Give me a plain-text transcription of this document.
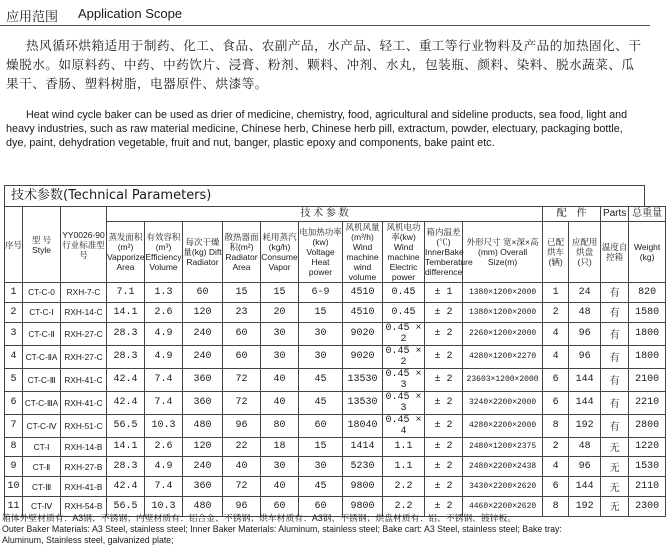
应用范围 Application Scope
热风循环烘箱适用于制药、化工、食品、农副产品，水产品、轻工、重工等行业物料及产品的加热固化、干燥脱水。如原料药、中药、中药饮片、浸膏、粉剂、颗料、冲剂、水丸，包装瓶、颜料、染料、脱水蔬菜、瓜果干、香肠、塑料树脂，电器原件、烘漆等。
Heat wind cycle baker can be used as drier of medicine, chemistry, food, agricultural and sideline products, sea food, light and heavy industries, such as raw material medicine, Chinese herb, Chinese herb pill, extractum, powder, electuary, packaging bottle, dye, paint, dehydration vegetable, fruit and nut, banger, plastic epoxy and components, bake paint etc.
技术参数(Technical Parameters)
序号	型 号 Style	YY0026-90行业标准型号	技 术 参 数										配　件		Parts	总重量
			蒸发面积(m²) Vapporize Area	有效容积(m³) Efficiency Volume	每次干燥量(kg) Dift Radiator	散热器面积(m²) Radiator Area	耗用蒸汽(kg/h) Consume Vapor	电加热功率(kw) Voltage Heat power	风机风量(m³/h) Wind machine wind volume	风机电功率(kw) Wind machine Electric power	箱内温差(℃) InnerBake Temberature difference	外形尺寸 宽×深×高(mm) Overall Size(m)	已配烘车(辆)	应配用烘盘(只)	温度自控箱	Weight (kg)
1	CT-C-0	RXH-7-C	7.1	1.3	60	15	15	6-9	4510	0.45	± 1	1380×1200×2000	1	24	有	820
2	CT-C-Ⅰ	RXH-14-C	14.1	2.6	120	23	20	15	4510	0.45	± 2	1380×1200×2000	2	48	有	1580
3	CT-C-Ⅱ	RXH-27-C	28.3	4.9	240	60	30	30	9020	0.45 × 2	± 2	2260×1200×2000	4	96	有	1800
4	CT-C-ⅡA	RXH-27-C	28.3	4.9	240	60	30	30	9020	0.45 × 2	± 2	4280×1200×2270	4	96	有	1800
5	CT-C-Ⅲ	RXH-41-C	42.4	7.4	360	72	40	45	13530	0.45 × 3	± 2	23603×1200×2000	6	144	有	2100
6	CT-C-ⅢA	RXH-41-C	42.4	7.4	360	72	40	45	13530	0.45 × 3	± 2	3240×2200×2000	6	144	有	2210
7	CT-C-Ⅳ	RXH-51-C	56.5	10.3	480	96	80	60	18040	0.45 × 4	± 2	4280×2200×2000	8	192	有	2800
8	CT-Ⅰ	RXH-14-B	14.1	2.6	120	22	18	15	1414	1.1	± 2	2480×1200×2375	2	48	无	1220
9	CT-Ⅱ	RXH-27-B	28.3	4.9	240	40	30	30	5230	1.1	± 2	2480×2200×2438	4	96	无	1530
10	CT-Ⅲ	RXH-41-B	42.4	7.4	360	72	40	45	9800	2.2	± 2	3430×2200×2620	6	144	无	2110
11	CT-Ⅳ	RXH-54-B	56.5	10.3	480	96	60	60	9800	2.2	± 2	4460×2200×2620	8	192	无	2300
箱体外壁材质有：A3钢、不锈钢；内壁材质有：铝合金、不锈钢；烘车材质有：A3钢、不锈钢；烘盘材质有：铝、不锈钢、镀锌板。
Outer Baker Materials: A3 Steel, stainless steel; Inner Baker Materials: Aluminum, stainless steel; Bake cart: A3 Steel, stainless steel; Bake tray:
Aluminum, Stainless steel, galvanized plate;
